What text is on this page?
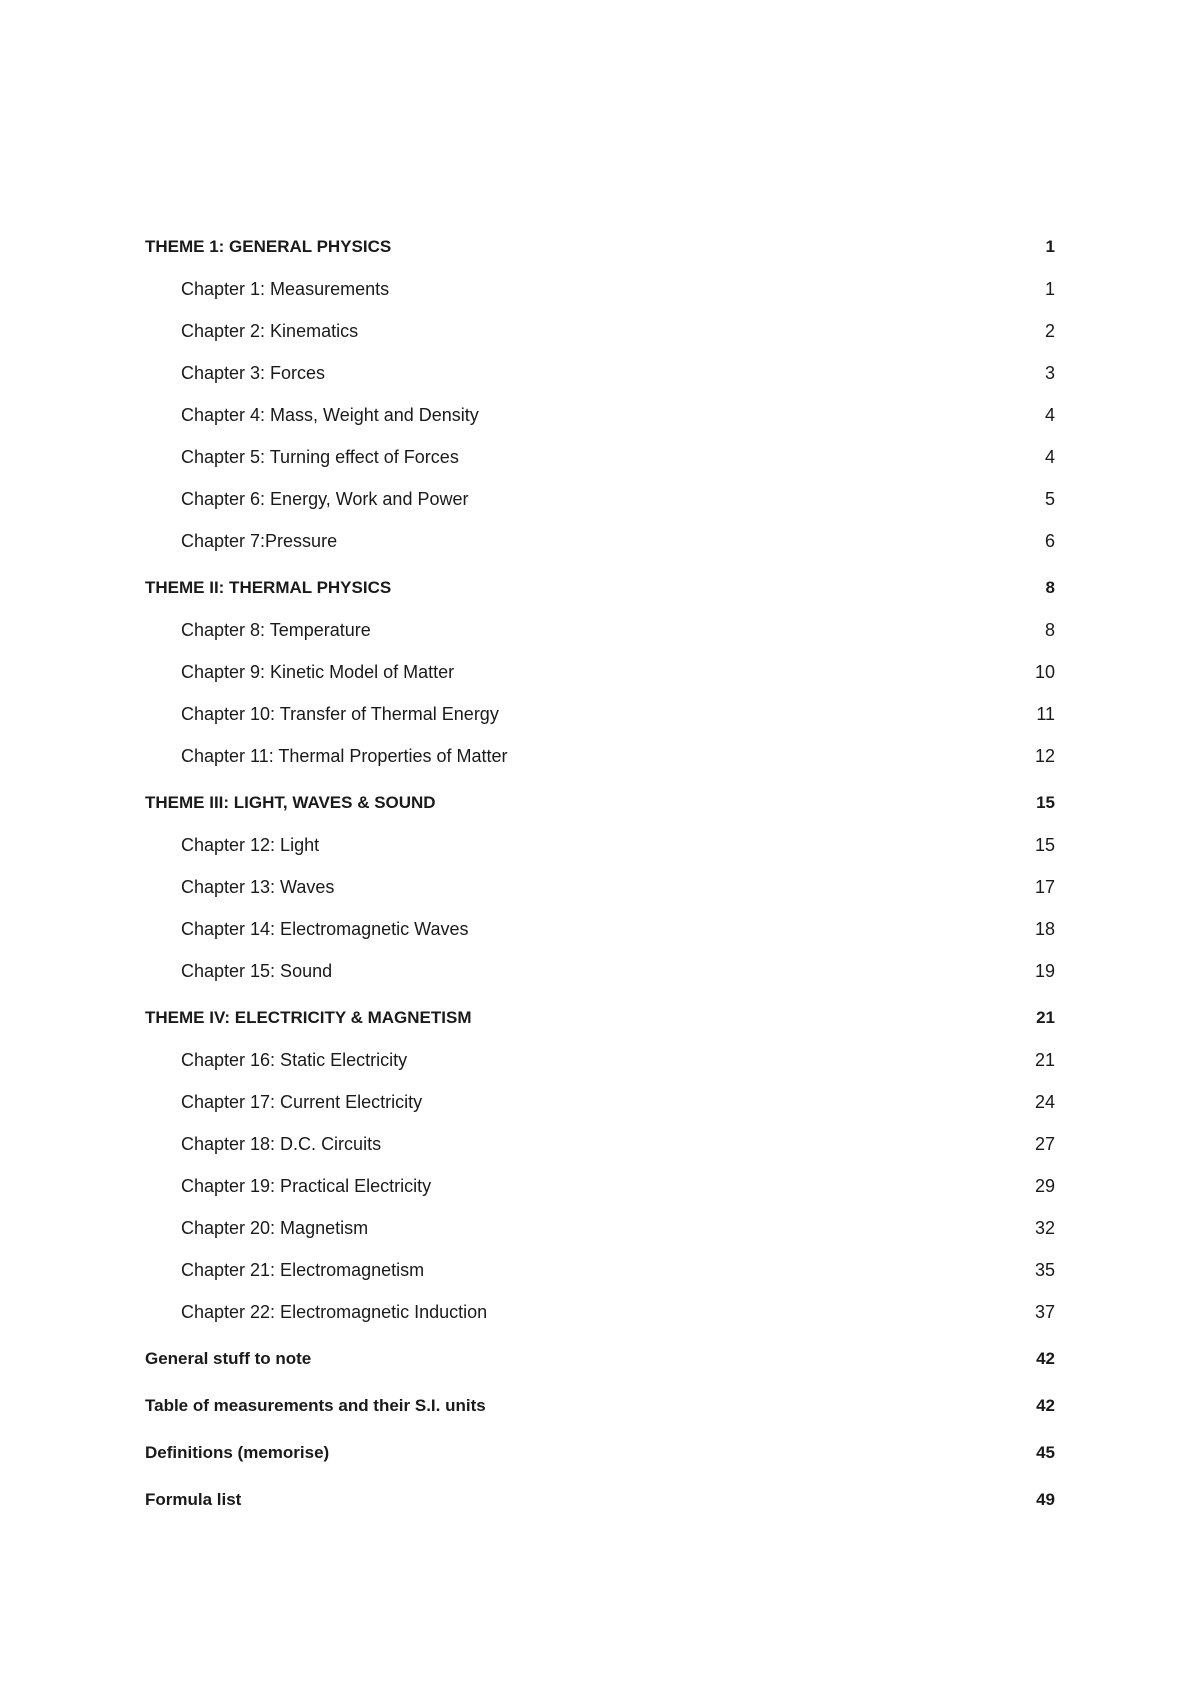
THEME 1: GENERAL PHYSICS	1
Chapter 1: Measurements	1
Chapter 2: Kinematics	2
Chapter 3: Forces	3
Chapter 4: Mass, Weight and Density	4
Chapter 5: Turning effect of Forces	4
Chapter 6: Energy, Work and Power	5
Chapter 7:Pressure	6
THEME II: THERMAL PHYSICS	8
Chapter 8: Temperature	8
Chapter 9: Kinetic Model of Matter	10
Chapter 10: Transfer of Thermal Energy	11
Chapter 11: Thermal Properties of Matter	12
THEME III: LIGHT, WAVES & SOUND	15
Chapter 12: Light	15
Chapter 13: Waves	17
Chapter 14: Electromagnetic Waves	18
Chapter 15: Sound	19
THEME IV: ELECTRICITY & MAGNETISM	21
Chapter 16: Static Electricity	21
Chapter 17: Current Electricity	24
Chapter 18: D.C. Circuits	27
Chapter 19: Practical Electricity	29
Chapter 20: Magnetism	32
Chapter 21: Electromagnetism	35
Chapter 22: Electromagnetic Induction	37
General stuff to note	42
Table of measurements and their S.I. units	42
Definitions (memorise)	45
Formula list	49
